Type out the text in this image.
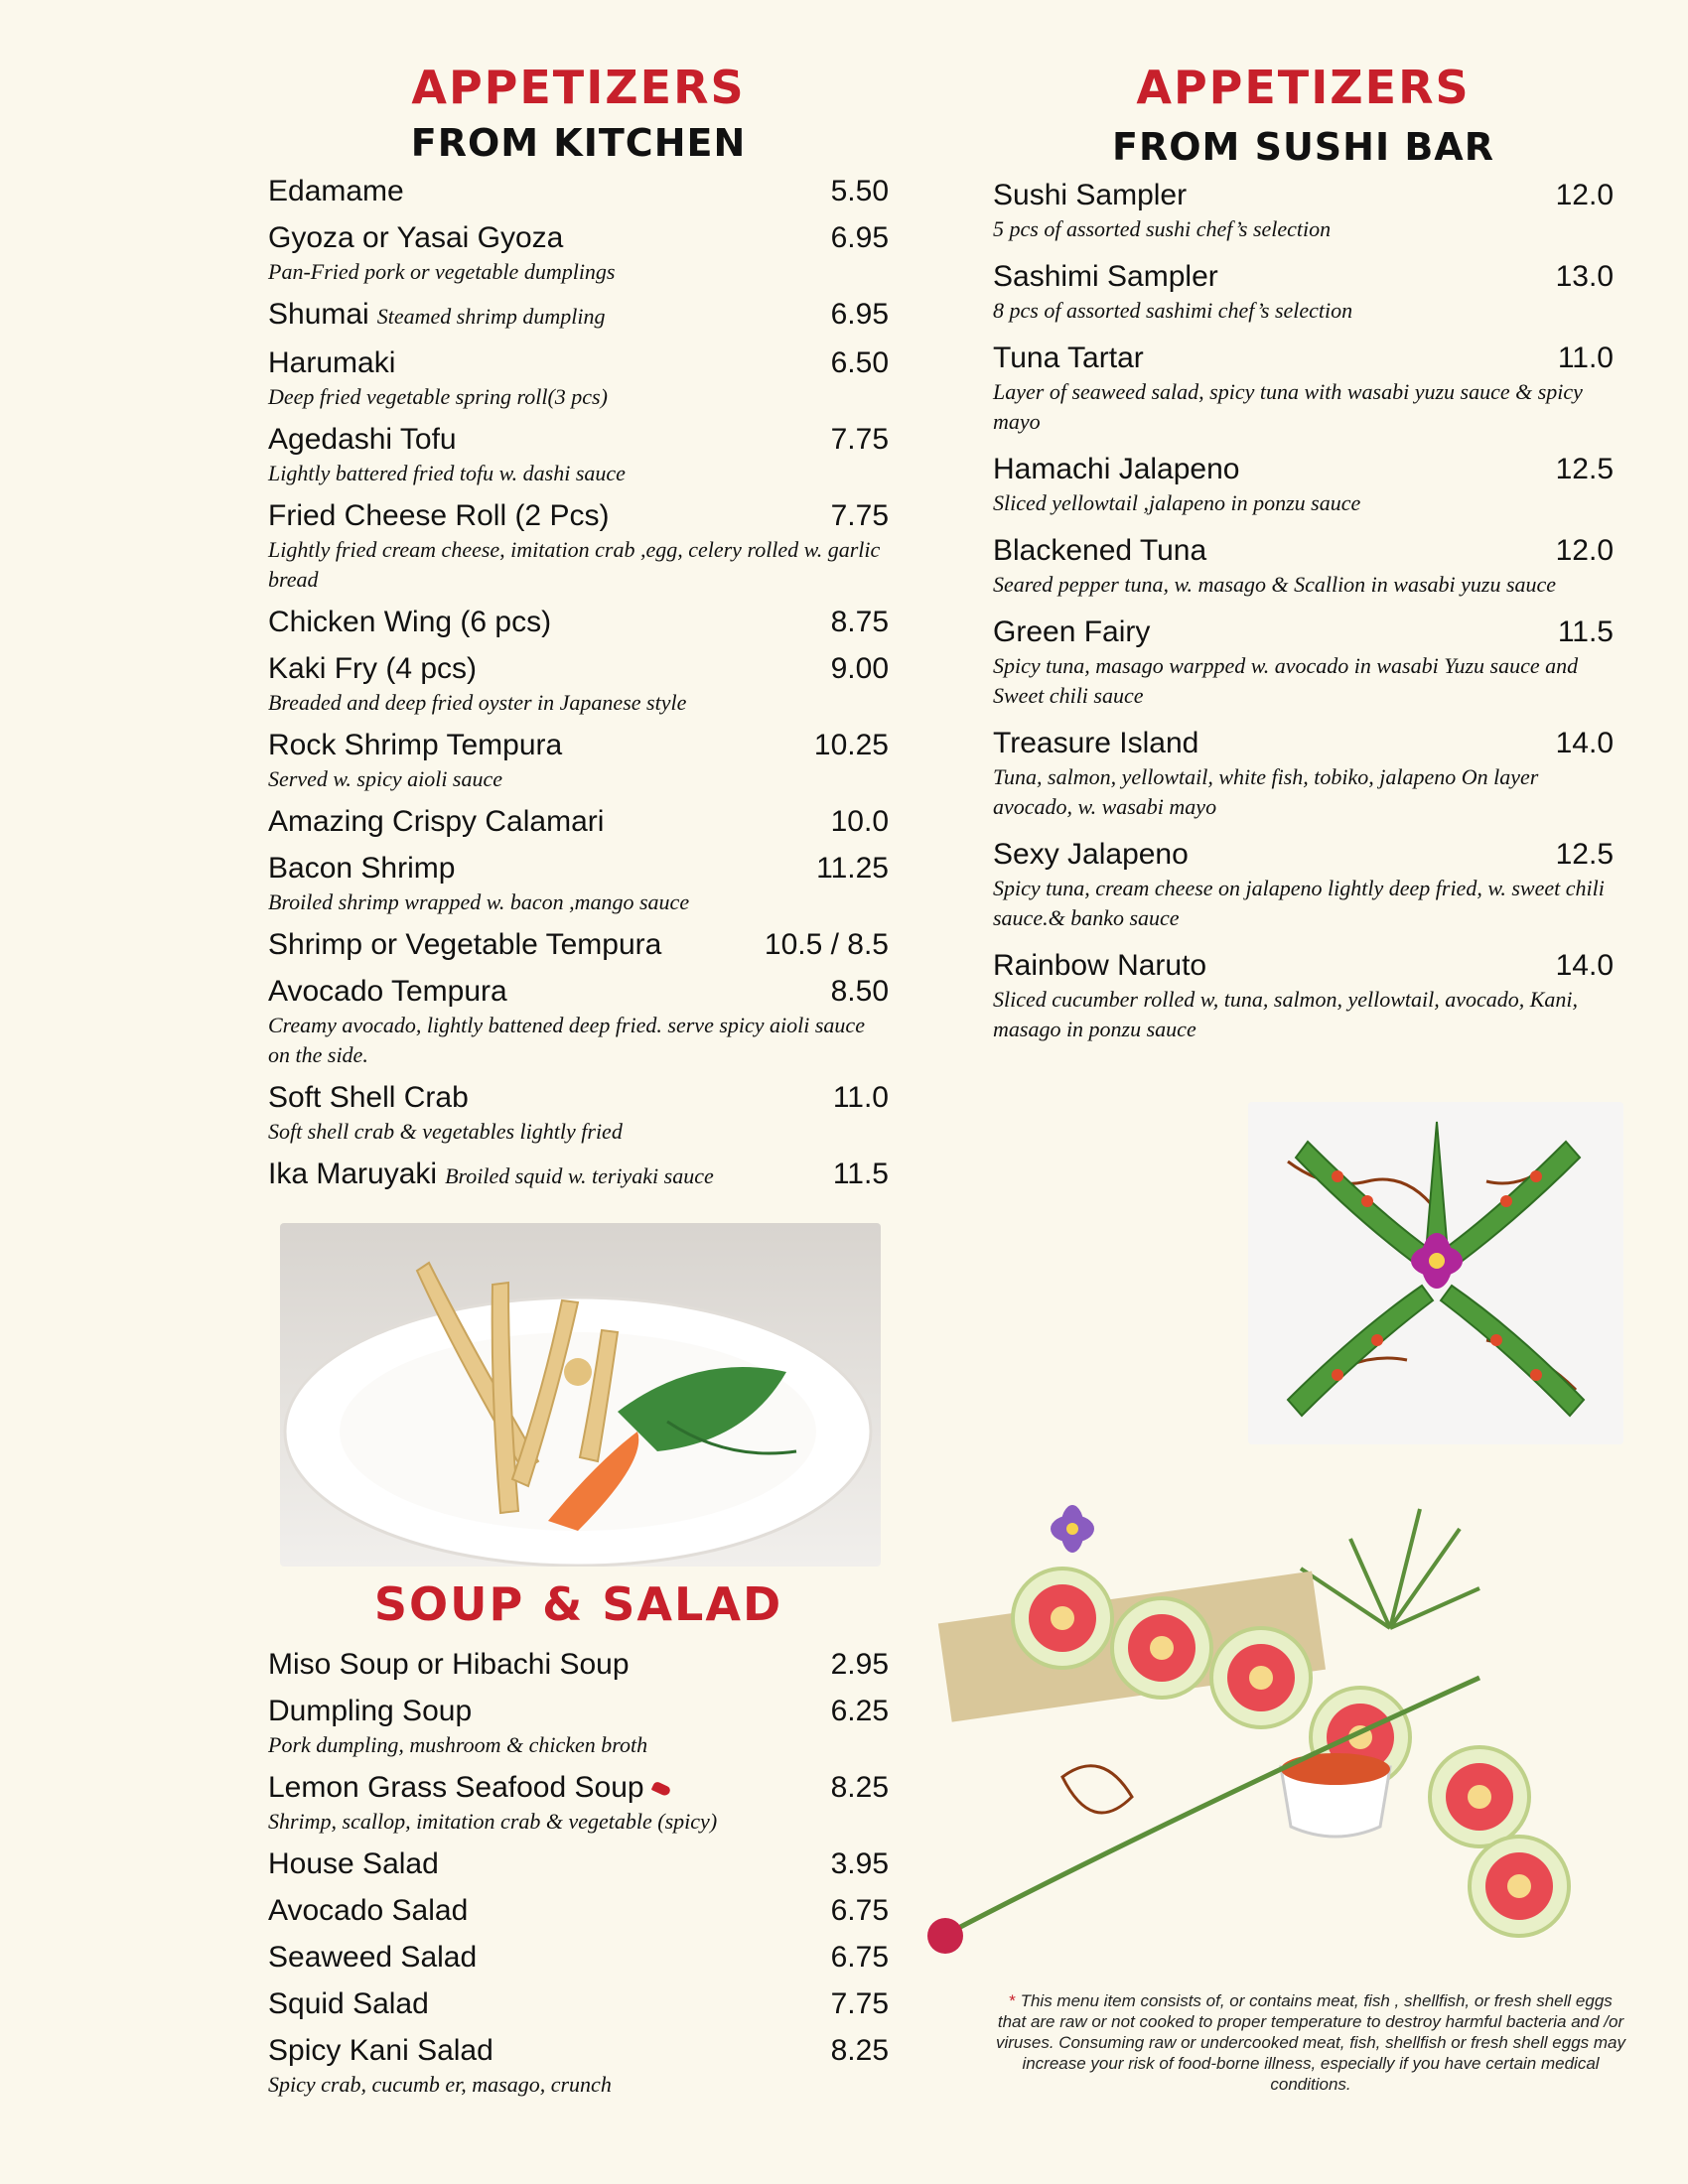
APPETIZERS
FROM KITCHEN
Edamame	5.50
Gyoza or Yasai Gyoza	6.95
Pan-Fried pork or vegetable dumplings
Shumai Steamed shrimp dumpling	6.95
Harumaki	6.50
Deep fried vegetable spring roll(3 pcs)
Agedashi Tofu	7.75
Lightly battered fried tofu w. dashi sauce
Fried Cheese Roll (2 Pcs)	7.75
Lightly fried cream cheese, imitation crab ,egg, celery rolled w. garlic bread
Chicken Wing (6 pcs)	8.75
Kaki Fry (4 pcs)	9.00
Breaded and deep fried oyster in Japanese style
Rock Shrimp Tempura	10.25
Served w. spicy aioli sauce
Amazing Crispy Calamari	10.0
Bacon Shrimp	11.25
Broiled shrimp wrapped w. bacon ,mango sauce
Shrimp or Vegetable Tempura	10.5 / 8.5
Avocado Tempura	8.50
Creamy avocado, lightly battened deep fried. serve spicy aioli sauce on the side.
Soft Shell Crab	11.0
Soft shell crab & vegetables lightly fried
Ika Maruyaki Broiled squid w. teriyaki sauce	11.5
APPETIZERS
FROM SUSHI BAR
Sushi Sampler	12.0
5 pcs of assorted sushi chef’s selection
Sashimi Sampler	13.0
8 pcs of assorted sashimi chef’s selection
Tuna Tartar	11.0
Layer of seaweed salad, spicy tuna with wasabi yuzu sauce & spicy mayo
Hamachi Jalapeno	12.5
Sliced yellowtail ,jalapeno in ponzu sauce
Blackened Tuna	12.0
Seared pepper tuna, w. masago & Scallion in wasabi yuzu sauce
Green Fairy	11.5
Spicy tuna, masago warpped w. avocado in wasabi Yuzu sauce and Sweet chili sauce
Treasure Island	14.0
Tuna, salmon, yellowtail, white fish, tobiko, jalapeno On layer avocado, w. wasabi mayo
Sexy Jalapeno	12.5
Spicy tuna, cream cheese on jalapeno lightly deep fried, w. sweet chili sauce.& banko sauce
Rainbow Naruto	14.0
Sliced cucumber rolled w, tuna, salmon, yellowtail, avocado, Kani, masago in ponzu sauce
SOUP & SALAD
Miso Soup or Hibachi Soup	2.95
Dumpling Soup	6.25
Pork dumpling, mushroom & chicken broth
Lemon Grass Seafood Soup	8.25
Shrimp, scallop, imitation crab & vegetable (spicy)
House Salad	3.95
Avocado Salad	6.75
Seaweed Salad	6.75
Squid Salad	7.75
Spicy Kani Salad	8.25
Spicy crab, cucumb er, masago, crunch
* This menu item consists of, or contains meat, fish , shellfish, or fresh shell eggs that are raw or not cooked to proper temperature to destroy harmful bacteria and /or viruses. Consuming raw or undercooked meat, fish, shellfish or fresh shell eggs may increase your risk of food-borne illness, especially if you have certain medical conditions.
